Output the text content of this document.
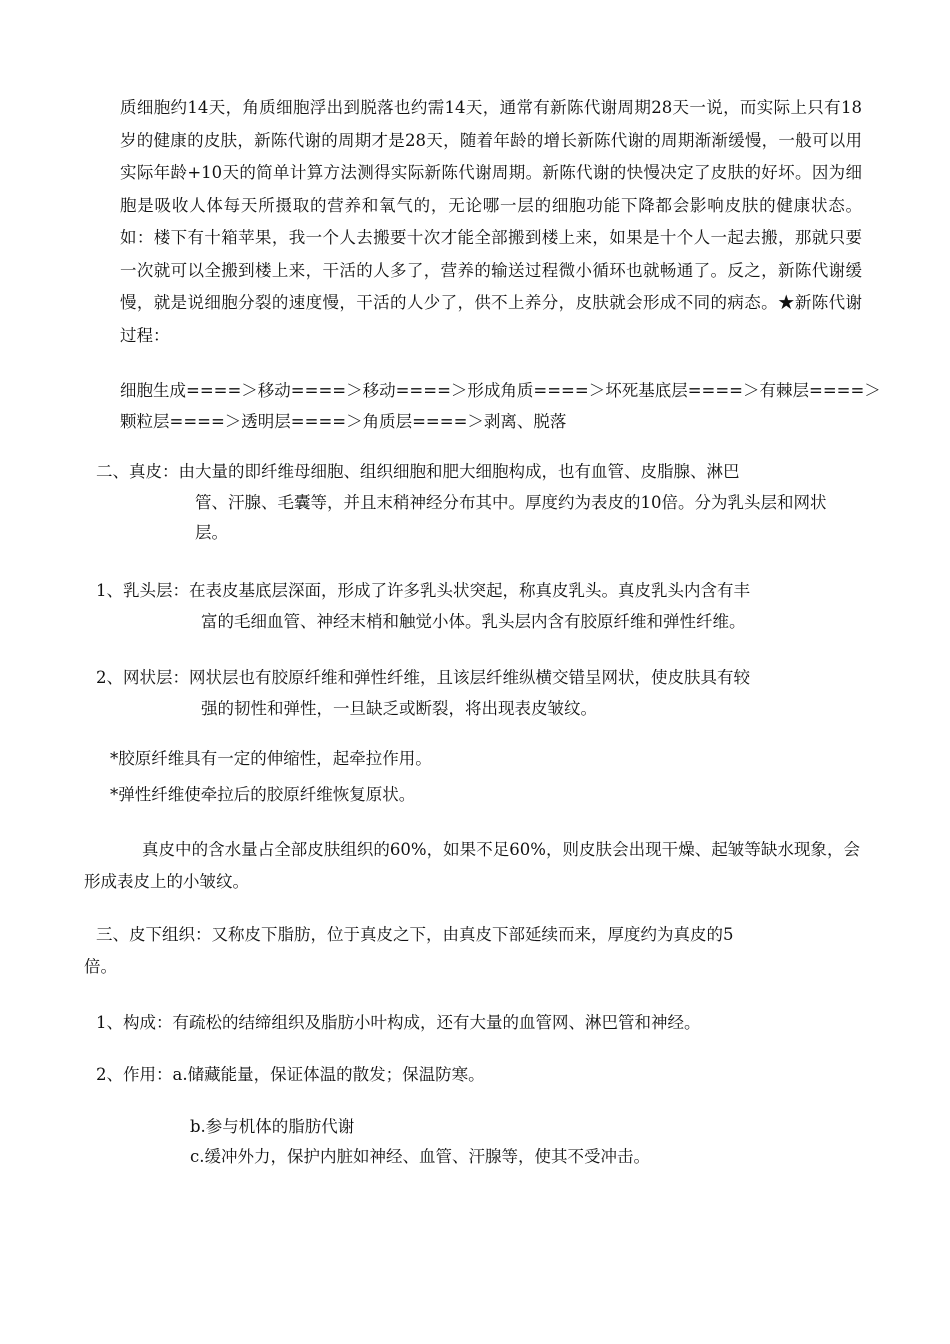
质细胞约14天，角质细胞浮出到脱落也约需14天，通常有新陈代谢周期28天一说，而实际上只有18岁的健康的皮肤，新陈代谢的周期才是28天，随着年龄的增长新陈代谢的周期渐渐缓慢，一般可以用实际年龄+10天的简单计算方法测得实际新陈代谢周期。新陈代谢的快慢决定了皮肤的好坏。因为细胞是吸收人体每天所摄取的营养和氧气的，无论哪一层的细胞功能下降都会影响皮肤的健康状态。如：楼下有十箱苹果，我一个人去搬要十次才能全部搬到楼上来，如果是十个人一起去搬，那就只要一次就可以全搬到楼上来，干活的人多了，营养的输送过程微小循环也就畅通了。反之，新陈代谢缓慢，就是说细胞分裂的速度慢，干活的人少了，供不上养分，皮肤就会形成不同的病态。★新陈代谢过程：

细胞生成====＞移动====＞移动====＞形成角质====＞坏死基底层====＞有棘层====＞
颗粒层====＞透明层====＞角质层====＞剥离、脱落
二、真皮：由大量的即纤维母细胞、组织细胞和肥大细胞构成，也有血管、皮脂腺、淋巴
管、汗腺、毛囊等，并且末稍神经分布其中。厚度约为表皮的10倍。分为乳头层和网状层。
1、乳头层：在表皮基底层深面，形成了许多乳头状突起，称真皮乳头。真皮乳头内含有丰
富的毛细血管、神经末梢和触觉小体。乳头层内含有胶原纤维和弹性纤维。
2、网状层：网状层也有胶原纤维和弹性纤维，且该层纤维纵横交错呈网状，使皮肤具有较
强的韧性和弹性，一旦缺乏或断裂，将出现表皮皱纹。
*胶原纤维具有一定的伸缩性，起牵拉作用。
*弹性纤维使牵拉后的胶原纤维恢复原状。

真皮中的含水量占全部皮肤组织的60%，如果不足60%，则皮肤会出现干燥、起皱等缺水现象，会形成表皮上的小皱纹。

三、皮下组织：又称皮下脂肪，位于真皮之下，由真皮下部延续而来，厚度约为真皮的5
倍。
1、构成：有疏松的结缔组织及脂肪小叶构成，还有大量的血管网、淋巴管和神经。
2、作用：a.储藏能量，保证体温的散发；保温防寒。
b.参与机体的脂肪代谢
c.缓冲外力，保护内脏如神经、血管、汗腺等，使其不受冲击。
